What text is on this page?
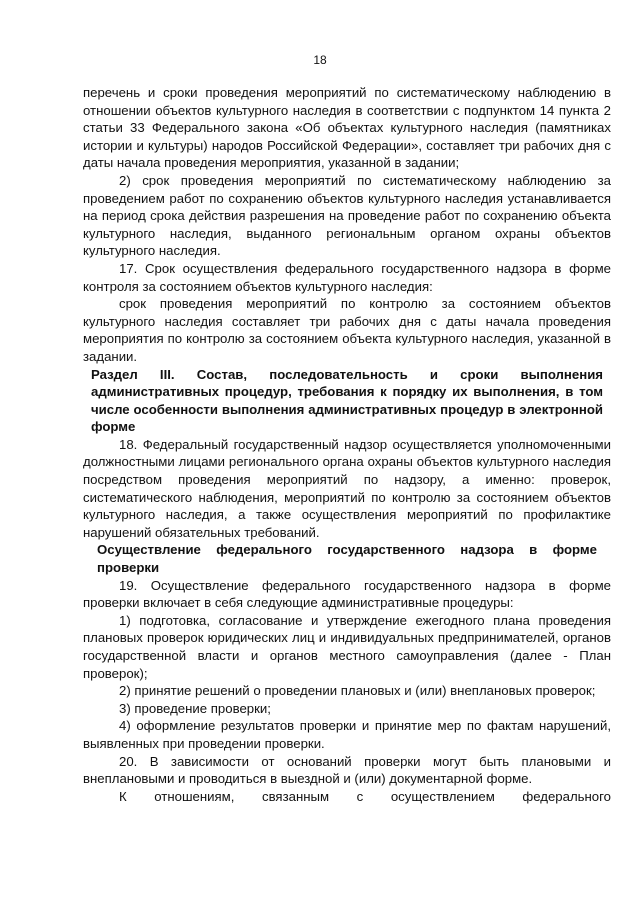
18

перечень и сроки проведения мероприятий по систематическому наблюдению в отношении объектов культурного наследия в соответствии с подпунктом 14 пункта 2 статьи 33 Федерального закона «Об объектах культурного наследия (памятниках истории и культуры) народов Российской Федерации», составляет три рабочих дня с даты начала проведения мероприятия, указанной в задании;

2) срок проведения мероприятий по систематическому наблюдению за проведением работ по сохранению объектов культурного наследия устанавливается на период срока действия разрешения на проведение работ по сохранению объекта культурного наследия, выданного региональным органом охраны объектов культурного наследия.

17. Срок осуществления федерального государственного надзора в форме контроля за состоянием объектов культурного наследия:

срок проведения мероприятий по контролю за состоянием объектов культурного наследия составляет три рабочих дня с даты начала проведения мероприятия по контролю за состоянием объекта культурного наследия, указанной в задании.

Раздел III. Состав, последовательность и сроки выполнения административных процедур, требования к порядку их выполнения, в том числе особенности выполнения административных процедур в электронной форме

18. Федеральный государственный надзор осуществляется уполномоченными должностными лицами регионального органа охраны объектов культурного наследия посредством проведения мероприятий по надзору, а именно: проверок, систематического наблюдения, мероприятий по контролю за состоянием объектов культурного наследия, а также осуществления мероприятий по профилактике нарушений обязательных требований.

Осуществление федерального государственного надзора в форме проверки

19. Осуществление федерального государственного надзора в форме проверки включает в себя следующие административные процедуры:

1) подготовка, согласование и утверждение ежегодного плана проведения плановых проверок юридических лиц и индивидуальных предпринимателей, органов государственной власти и органов местного самоуправления (далее - План проверок);

2) принятие решений о проведении плановых и (или) внеплановых проверок;

3) проведение проверки;

4) оформление результатов проверки и принятие мер по фактам нарушений, выявленных при проведении проверки.

20. В зависимости от оснований проверки могут быть плановыми и внеплановыми и проводиться в выездной и (или) документарной форме.

К отношениям, связанным с осуществлением федерального
